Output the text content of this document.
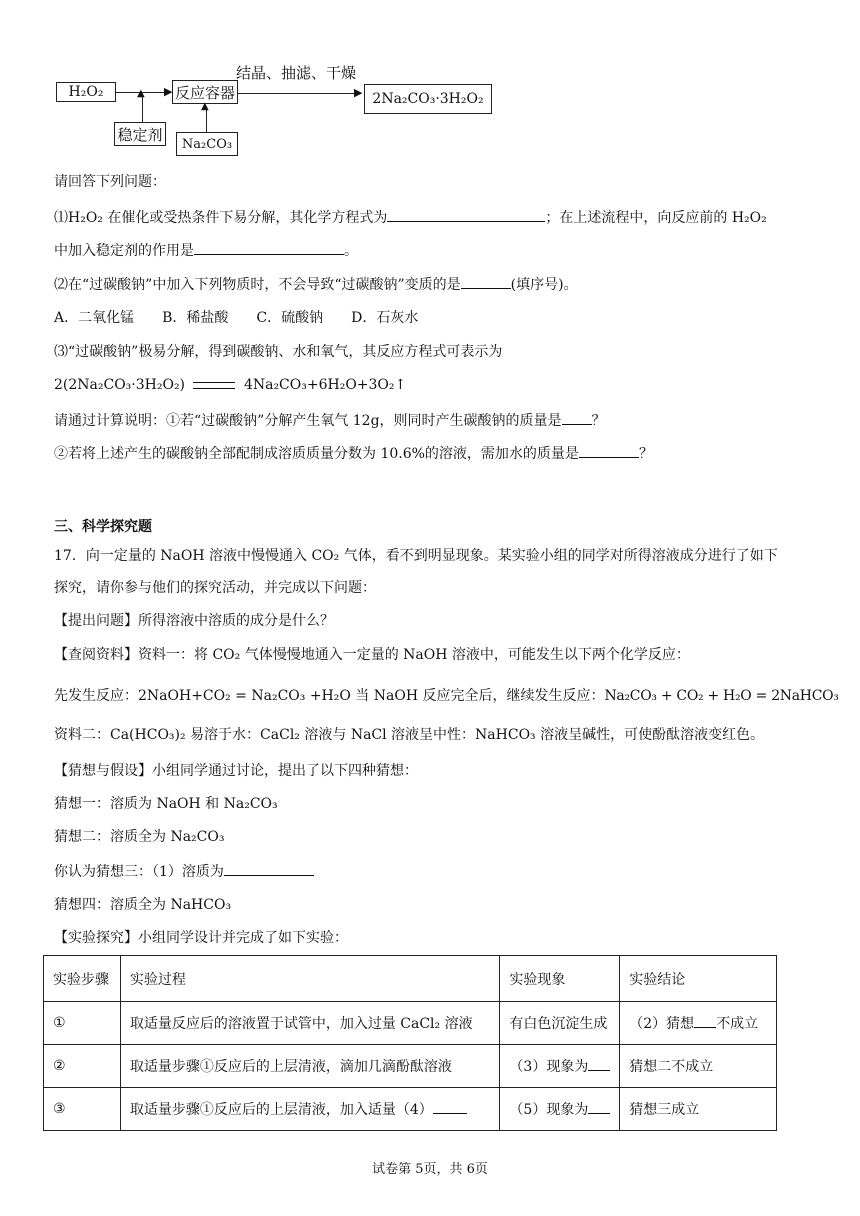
H₂O₂	▶ 反应容器	▶
结晶、抽滤、干燥
2Na₂CO₃·3H₂O₂
▲
稳定剂
▲
Na₂CO₃
请回答下列问题：
⑴H₂O₂ 在催化或受热条件下易分解，其化学方程式为	；在上述流程中，向反应前的 H₂O₂
中加入稳定剂的作用是	。
⑵在“过碳酸钠”中加入下列物质时，不会导致“过碳酸钠”变质的是	(填序号)。
A．二氧化锰　　B．稀盐酸　　C．硫酸钠　　D．石灰水
⑶“过碳酸钠”极易分解，得到碳酸钠、水和氧气，其反应方程式可表示为
2(2Na₂CO₃·3H₂O₂)	4Na₂CO₃+6H₂O+3O₂↑
请通过计算说明：①若“过碳酸钠”分解产生氧气 12g，则同时产生碳酸钠的质量是 ？
②若将上述产生的碳酸钠全部配制成溶质质量分数为 10.6%的溶液，需加水的质量是	？
三、科学探究题
17．向一定量的 NaOH 溶液中慢慢通入 CO₂ 气体，看不到明显现象。某实验小组的同学对所得溶液成分进行了如下
探究，请你参与他们的探究活动，并完成以下问题：
【提出问题】所得溶液中溶质的成分是什么？
【查阅资料】资料一：将 CO₂ 气体慢慢地通入一定量的 NaOH 溶液中，可能发生以下两个化学反应：
先发生反应：2NaOH+CO₂ = Na₂CO₃ +H₂O 当 NaOH 反应完全后，继续发生反应：Na₂CO₃ + CO₂ + H₂O = 2NaHCO₃
资料二：Ca(HCO₃)₂ 易溶于水：CaCl₂ 溶液与 NaCl 溶液呈中性：NaHCO₃ 溶液呈碱性，可使酚酞溶液变红色。
【猜想与假设】小组同学通过讨论，提出了以下四种猜想：
猜想一：溶质为 NaOH 和 Na₂CO₃
猜想二：溶质全为 Na₂CO₃
你认为猜想三：（1）溶质为
猜想四：溶质全为 NaHCO₃
【实验探究】小组同学设计并完成了如下实验：
实验步骤	实验过程	实验现象	实验结论
①	取适量反应后的溶液置于试管中，加入过量 CaCl₂ 溶液	有白色沉淀生成	（2）猜想 不成立
②	取适量步骤①反应后的上层清液，滴加几滴酚酞溶液	（3）现象为	猜想二不成立
③	取适量步骤①反应后的上层清液，加入适量（4）	（5）现象为	猜想三成立
试卷第 5页，共 6页
